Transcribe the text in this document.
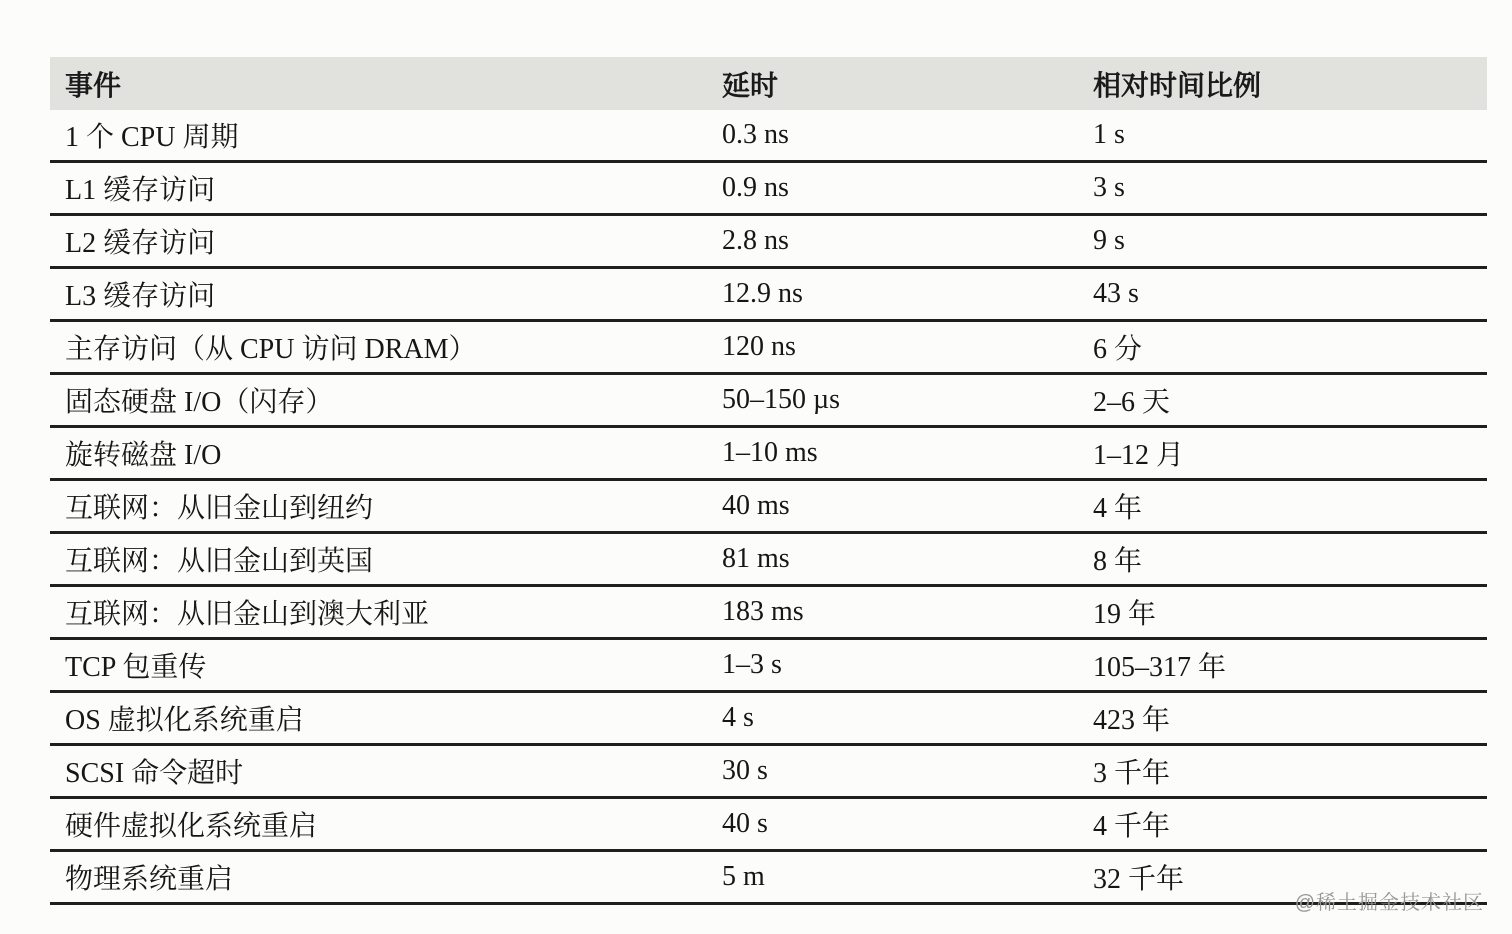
事件	延时	相对时间比例
1 个 CPU 周期	0.3 ns	1 s
L1 缓存访问	0.9 ns	3 s
L2 缓存访问	2.8 ns	9 s
L3 缓存访问	12.9 ns	43 s
主存访问（从 CPU 访问 DRAM）	120 ns	6 分
固态硬盘 I/O（闪存）	50–150 µs	2–6 天
旋转磁盘 I/O	1–10 ms	1–12 月
互联网：从旧金山到纽约	40 ms	4 年
互联网：从旧金山到英国	81 ms	8 年
互联网：从旧金山到澳大利亚	183 ms	19 年
TCP 包重传	1–3 s	105–317 年
OS 虚拟化系统重启	4 s	423 年
SCSI 命令超时	30 s	3 千年
硬件虚拟化系统重启	40 s	4 千年
物理系统重启	5 m	32 千年
@稀土掘金技术社区
